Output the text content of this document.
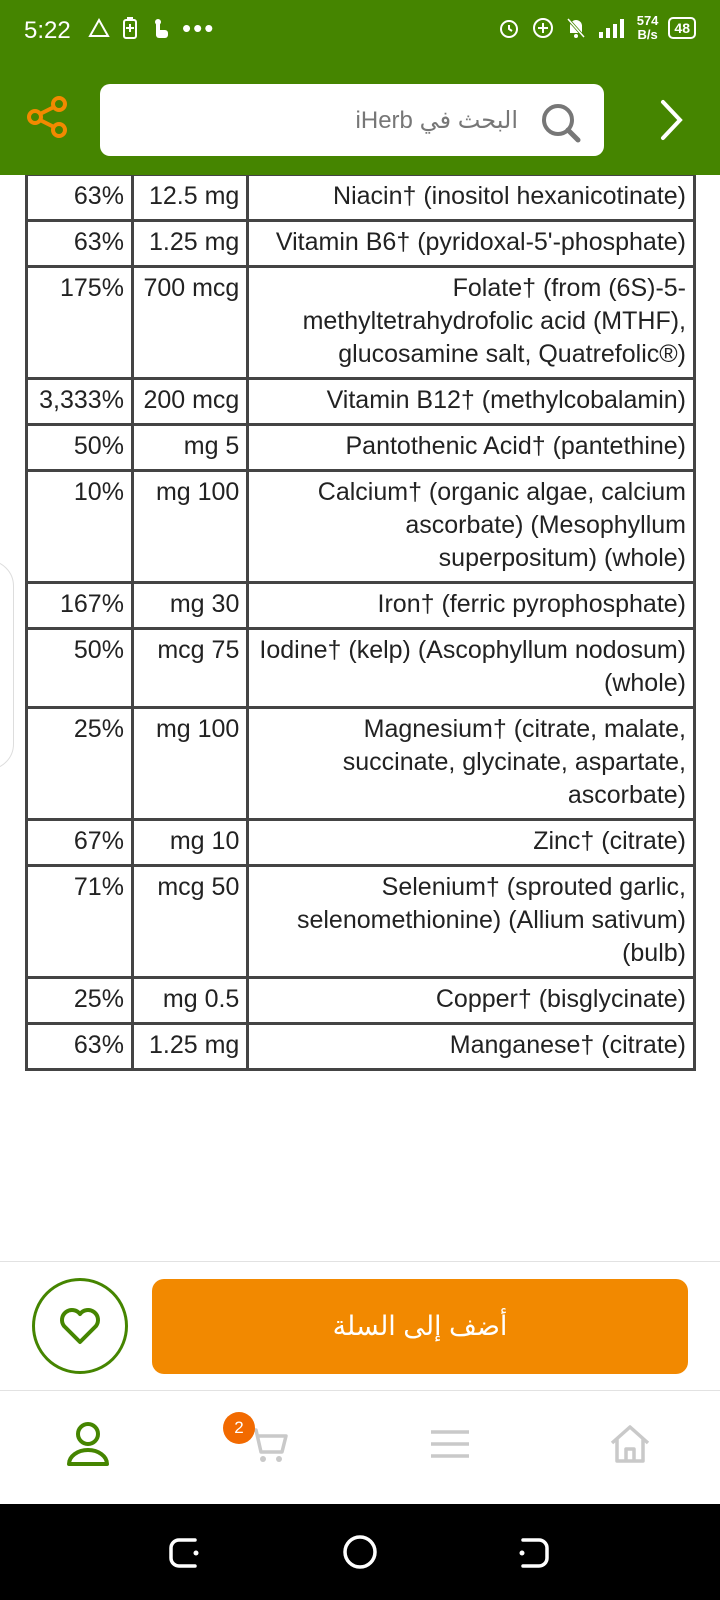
5:22	•••	574
B/s	48
البحث في iHerb
63%	12.5 mg	Niacin† (inositol hexanicotinate)
63%	1.25 mg	Vitamin B6† (pyridoxal-5'-phosphate)
175%	700 mcg	Folate† (from (6S)-5-methyltetrahydrofolic acid (MTHF), glucosamine salt, Quatrefolic®)
3,333%	200 mcg	Vitamin B12† (methylcobalamin)
50%	mg 5	Pantothenic Acid† (pantethine)
10%	mg 100	Calcium† (organic algae, calcium ascorbate) (Mesophyllum superpositum) (whole)
167%	mg 30	Iron† (ferric pyrophosphate)
50%	mcg 75	Iodine† (kelp) (Ascophyllum nodosum) (whole)
25%	mg 100	Magnesium† (citrate, malate, succinate, glycinate, aspartate, ascorbate)
67%	mg 10	Zinc† (citrate)
71%	mcg 50	Selenium† (sprouted garlic, selenomethionine) (Allium sativum) (bulb)
25%	mg 0.5	Copper† (bisglycinate)
63%	1.25 mg	Manganese† (citrate)
أضف إلى السلة
2
